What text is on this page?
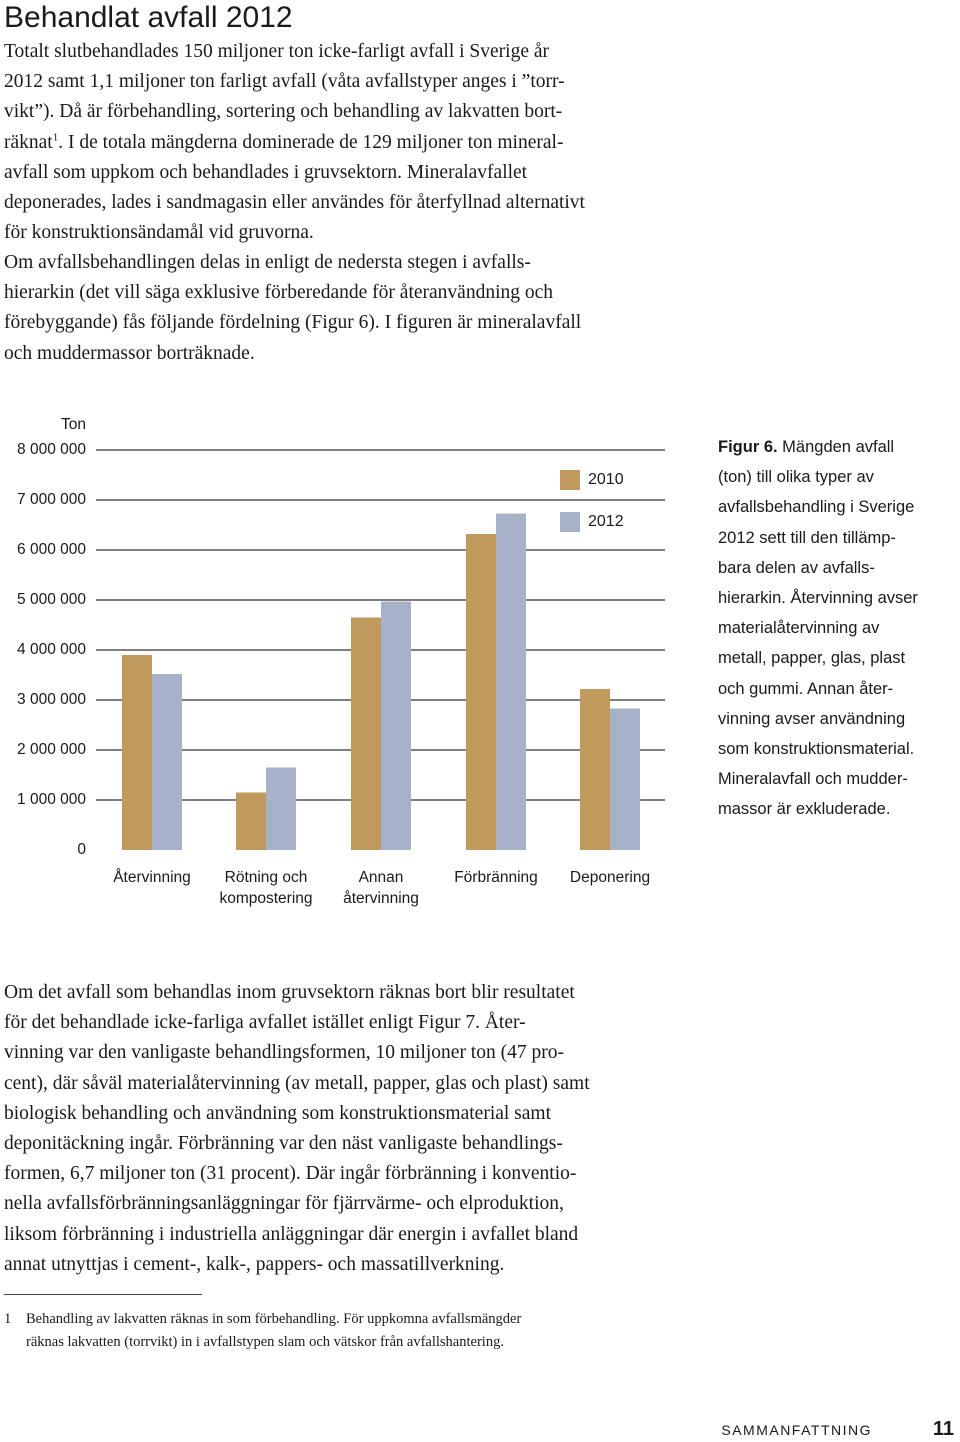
Behandlat avfall 2012

Totalt slutbehandlades 150 miljoner ton icke-farligt avfall i Sverige år
2012 samt 1,1 miljoner ton farligt avfall (våta avfallstyper anges i ”torr-
vikt”). Då är förbehandling, sortering och behandling av lakvatten bort-
räknat$^1$. I de totala mängderna dominerade de 129 miljoner ton mineral-
avfall som uppkom och behandlades i gruvsektorn. Mineralavfallet
deponerades, lades i sandmagasin eller användes för återfyllnad alternativt
för konstruktionsändamål vid gruvorna.

Om avfallsbehandlingen delas in enligt de nedersta stegen i avfalls-
hierarkin (det vill säga exklusive förberedande för återanvändning och
förebyggande) fås följande fördelning (Figur 6). I figuren är mineralavfall
och muddermassor borträknade.

Ton
8 000 000
7 000 000
6 000 000
5 000 000
4 000 000
3 000 000
2 000 000
1 000 000
0
Återvinning	Rötning och
kompostering
Annan
återvinning
Förbränning	Deponering
2010
2012

Figur 6. Mängden avfall
(ton) till olika typer av
avfallsbehandling i Sverige
2012 sett till den tillämp-
bara delen av avfalls-
hierarkin. Återvinning avser
materialåtervinning av
metall, papper, glas, plast
och gummi. Annan åter-
vinning avser användning
som konstruktionsmaterial.
Mineralavfall och mudder-
massor är exkluderade.

Om det avfall som behandlas inom gruvsektorn räknas bort blir resultatet
för det behandlade icke-farliga avfallet istället enligt Figur 7. Åter-
vinning var den vanligaste behandlingsformen, 10 miljoner ton (47 pro-
cent), där såväl materialåtervinning (av metall, papper, glas och plast) samt
biologisk behandling och användning som konstruktionsmaterial samt
deponitäckning ingår. Förbränning var den näst vanligaste behandlings-
formen, 6,7 miljoner ton (31 procent). Där ingår förbränning i konventio-
nella avfallsförbränningsanläggningar för fjärrvärme- och elproduktion,
liksom förbränning i industriella anläggningar där energin i avfallet bland
annat utnyttjas i cement-, kalk-, pappers- och massatillverkning.

1	Behandling av lakvatten räknas in som förbehandling. För uppkomna avfallsmängder
räknas lakvatten (torrvikt) in i avfallstypen slam och vätskor från avfallshantering.
SAMMANFATTNING	11
